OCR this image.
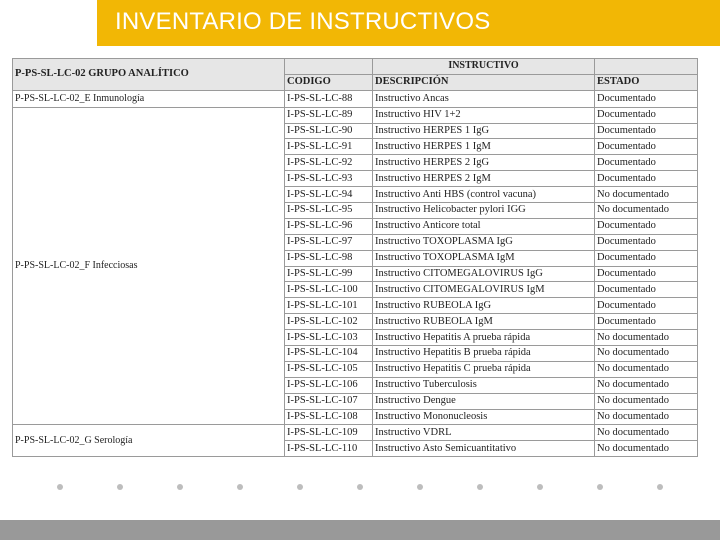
INVENTARIO DE INSTRUCTIVOS
P-PS-SL-LC-02 GRUPO ANALÍTICO		INSTRUCTIVO	
	CODIGO	DESCRIPCIÓN	ESTADO
P-PS-SL-LC-02_E Inmunología	I-PS-SL-LC-88	Instructivo Ancas	Documentado
P-PS-SL-LC-02_F Infecciosas	I-PS-SL-LC-89	Instructivo HIV 1+2	Documentado
	I-PS-SL-LC-90	Instructivo HERPES 1 IgG	Documentado
	I-PS-SL-LC-91	Instructivo HERPES 1 IgM	Documentado
	I-PS-SL-LC-92	Instructivo HERPES 2 IgG	Documentado
	I-PS-SL-LC-93	Instructivo HERPES 2 IgM	Documentado
	I-PS-SL-LC-94	Instructivo Anti HBS (control vacuna)	No documentado
	I-PS-SL-LC-95	Instructivo Helicobacter pylori IGG	No documentado
	I-PS-SL-LC-96	Instructivo Anticore total	Documentado
	I-PS-SL-LC-97	Instructivo TOXOPLASMA IgG	Documentado
	I-PS-SL-LC-98	Instructivo TOXOPLASMA IgM	Documentado
	I-PS-SL-LC-99	Instructivo CITOMEGALOVIRUS IgG	Documentado
	I-PS-SL-LC-100	Instructivo CITOMEGALOVIRUS IgM	Documentado
	I-PS-SL-LC-101	Instructivo RUBEOLA IgG	Documentado
	I-PS-SL-LC-102	Instructivo RUBEOLA IgM	Documentado
	I-PS-SL-LC-103	Instructivo Hepatitis A prueba rápida	No documentado
	I-PS-SL-LC-104	Instructivo Hepatitis B prueba rápida	No documentado
	I-PS-SL-LC-105	Instructivo Hepatitis C prueba rápida	No documentado
	I-PS-SL-LC-106	Instructivo Tuberculosis	No documentado
	I-PS-SL-LC-107	Instructivo Dengue	No documentado
	I-PS-SL-LC-108	Instructivo Mononucleosis	No documentado
P-PS-SL-LC-02_G Serología	I-PS-SL-LC-109	Instructivo VDRL	No documentado
	I-PS-SL-LC-110	Instructivo Asto Semicuantitativo	No documentado
